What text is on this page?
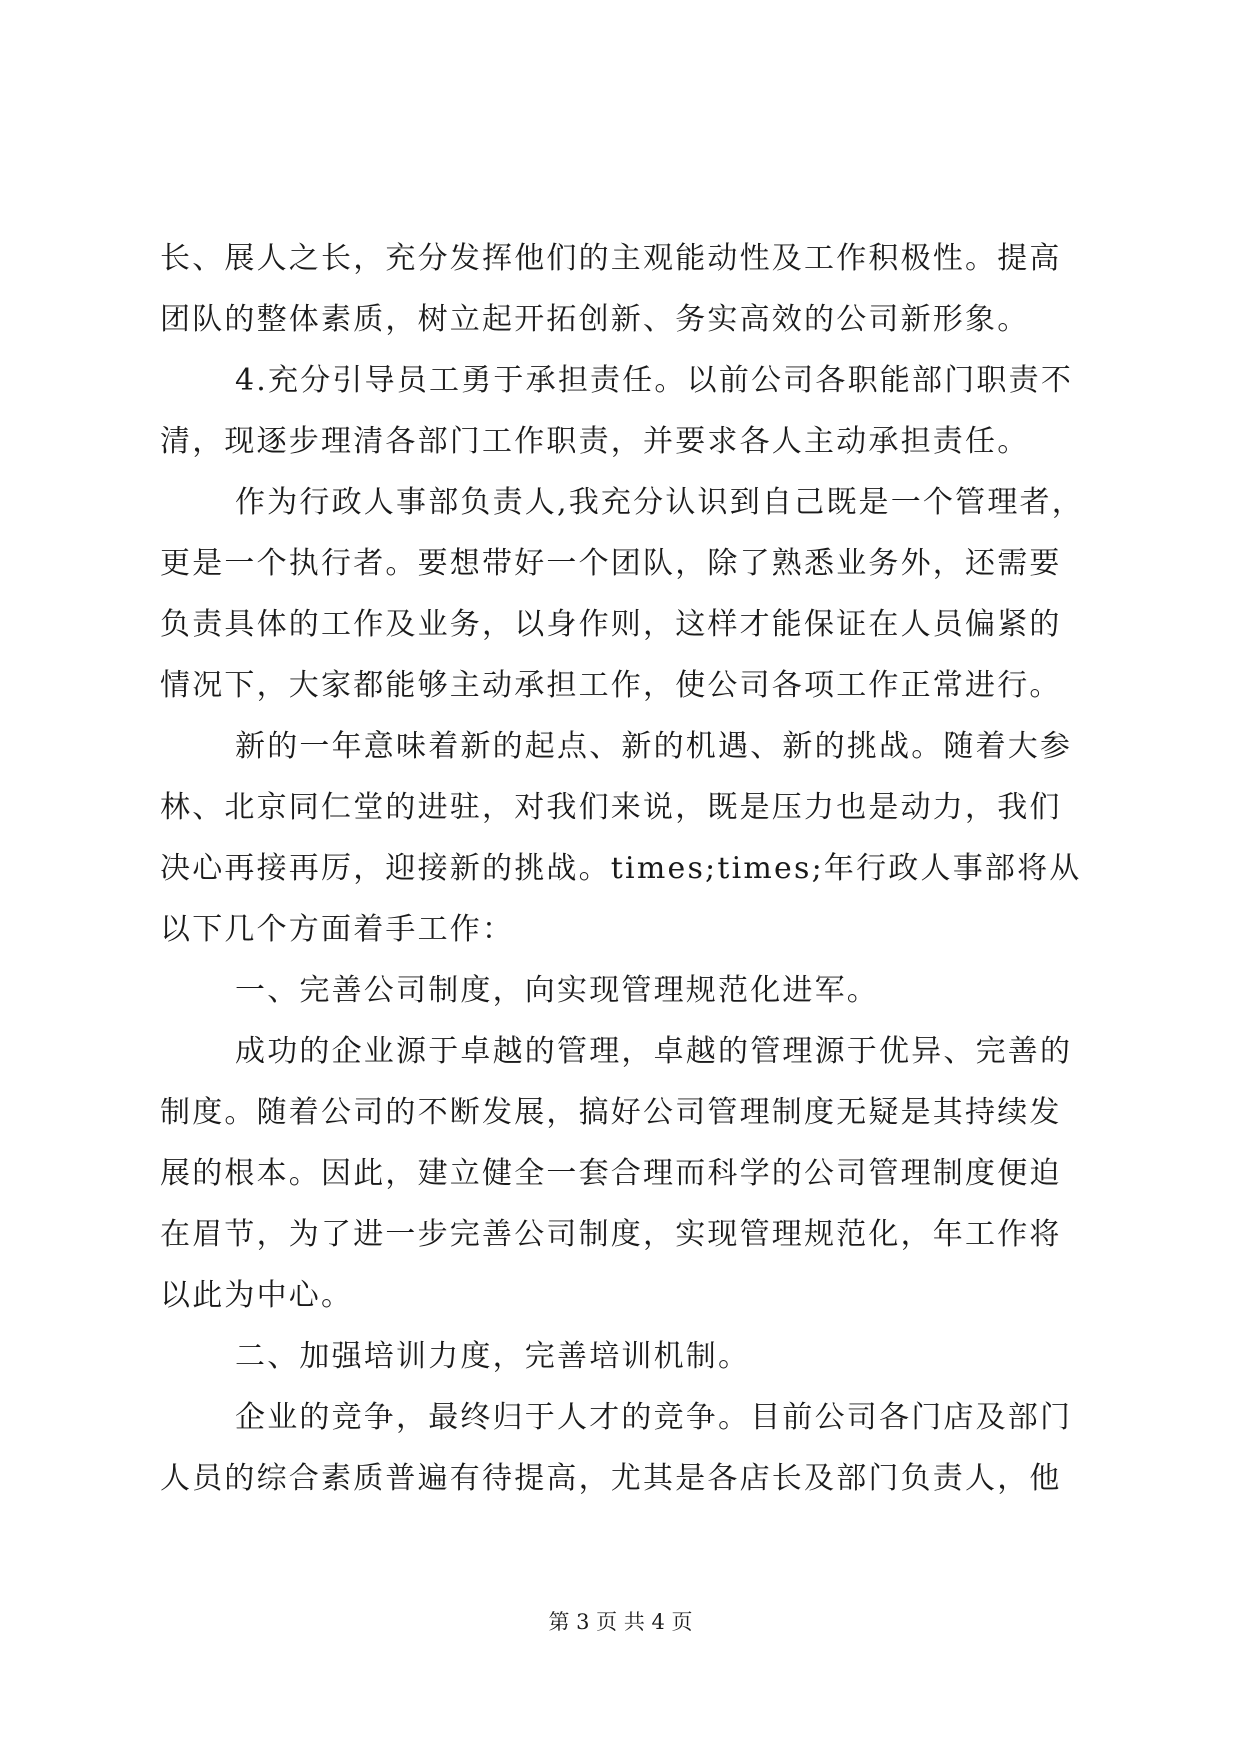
长、展人之长，充分发挥他们的主观能动性及工作积极性。提高
团队的整体素质，树立起开拓创新、务实高效的公司新形象。
4.充分引导员工勇于承担责任。以前公司各职能部门职责不
清，现逐步理清各部门工作职责，并要求各人主动承担责任。
作为行政人事部负责人,我充分认识到自己既是一个管理者，
更是一个执行者。要想带好一个团队，除了熟悉业务外，还需要
负责具体的工作及业务，以身作则，这样才能保证在人员偏紧的
情况下，大家都能够主动承担工作，使公司各项工作正常进行。
新的一年意味着新的起点、新的机遇、新的挑战。随着大参
林、北京同仁堂的进驻，对我们来说，既是压力也是动力，我们
决心再接再厉，迎接新的挑战。times;times;年行政人事部将从
以下几个方面着手工作：
一、完善公司制度，向实现管理规范化进军。
成功的企业源于卓越的管理，卓越的管理源于优异、完善的
制度。随着公司的不断发展，搞好公司管理制度无疑是其持续发
展的根本。因此，建立健全一套合理而科学的公司管理制度便迫
在眉节，为了进一步完善公司制度，实现管理规范化，年工作将
以此为中心。
二、加强培训力度，完善培训机制。
企业的竞争，最终归于人才的竞争。目前公司各门店及部门
人员的综合素质普遍有待提高，尤其是各店长及部门负责人，他
第 3 页 共 4 页
